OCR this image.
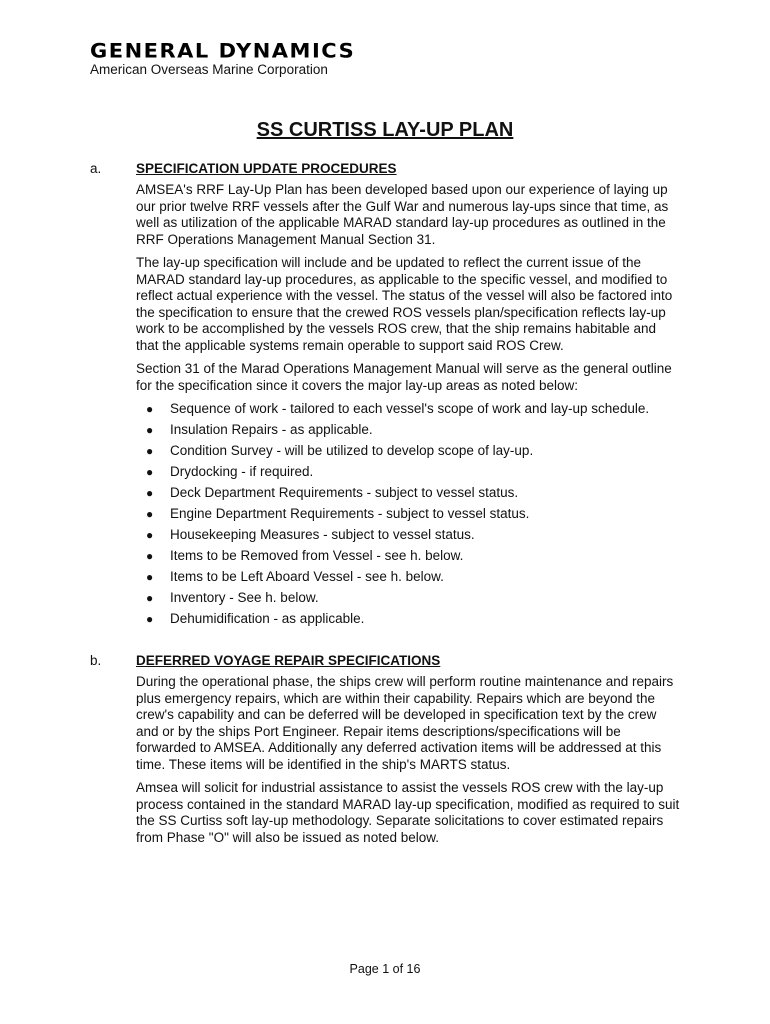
GENERAL DYNAMICS
American Overseas Marine Corporation
SS CURTISS LAY-UP PLAN
a.	SPECIFICATION UPDATE PROCEDURES

AMSEA's RRF Lay-Up Plan has been developed based upon our experience of laying up our prior twelve RRF vessels after the Gulf War and numerous lay-ups since that time, as well as utilization of the applicable MARAD standard lay-up procedures as outlined in the RRF Operations Management Manual Section 31.

The lay-up specification will include and be updated to reflect the current issue of the MARAD standard lay-up procedures, as applicable to the specific vessel, and modified to reflect actual experience with the vessel. The status of the vessel will also be factored into the specification to ensure that the crewed ROS vessels plan/specification reflects lay-up work to be accomplished by the vessels ROS crew, that the ship remains habitable and that the applicable systems remain operable to support said ROS Crew.

Section 31 of the Marad Operations Management Manual will serve as the general outline for the specification since it covers the major lay-up areas as noted below:

● Sequence of work - tailored to each vessel's scope of work and lay-up schedule.
● Insulation Repairs - as applicable.
● Condition Survey - will be utilized to develop scope of lay-up.
● Drydocking - if required.
● Deck Department Requirements - subject to vessel status.
● Engine Department Requirements - subject to vessel status.
● Housekeeping Measures - subject to vessel status.
● Items to be Removed from Vessel - see h. below.
● Items to be Left Aboard Vessel - see h. below.
● Inventory - See h. below.
● Dehumidification - as applicable.
b.	DEFERRED VOYAGE REPAIR SPECIFICATIONS

During the operational phase, the ships crew will perform routine maintenance and repairs plus emergency repairs, which are within their capability. Repairs which are beyond the crew's capability and can be deferred will be developed in specification text by the crew and or by the ships Port Engineer. Repair items descriptions/specifications will be forwarded to AMSEA. Additionally any deferred activation items will be addressed at this time. These items will be identified in the ship's MARTS status.

Amsea will solicit for industrial assistance to assist the vessels ROS crew with the lay-up process contained in the standard MARAD lay-up specification, modified as required to suit the SS Curtiss soft lay-up methodology. Separate solicitations to cover estimated repairs from Phase "O" will also be issued as noted below.

Page 1 of 16
